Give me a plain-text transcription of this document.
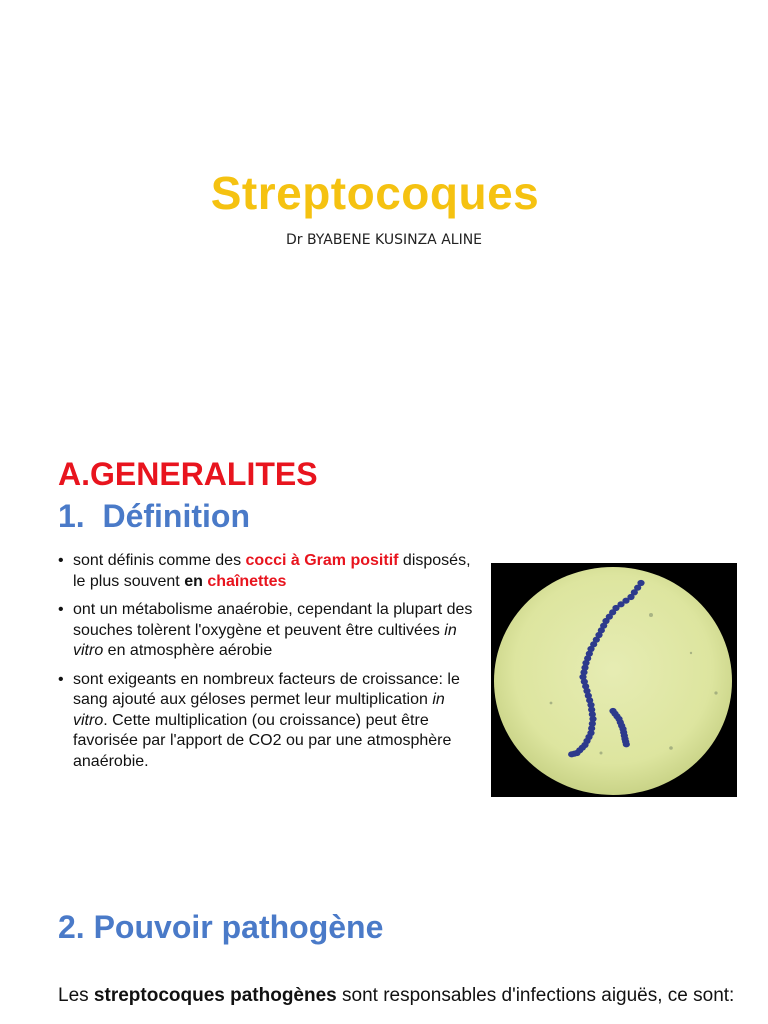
Streptocoques
Dr BYABENE KUSINZA ALINE
A.GENERALITES
1.  Définition
• sont définis comme des cocci à Gram positif disposés, le plus souvent en chaînettes
• ont un métabolisme anaérobie, cependant la plupart des souches tolèrent l'oxygène et peuvent être cultivées in vitro en atmosphère aérobie
• sont exigeants en nombreux facteurs de croissance: le sang ajouté aux géloses permet leur multiplication in vitro. Cette multiplication (ou croissance) peut être favorisée par l'apport de CO2 ou par une atmosphère anaérobie.
2. Pouvoir pathogène
Les streptocoques pathogènes sont responsables d'infections aiguës, ce sont:
